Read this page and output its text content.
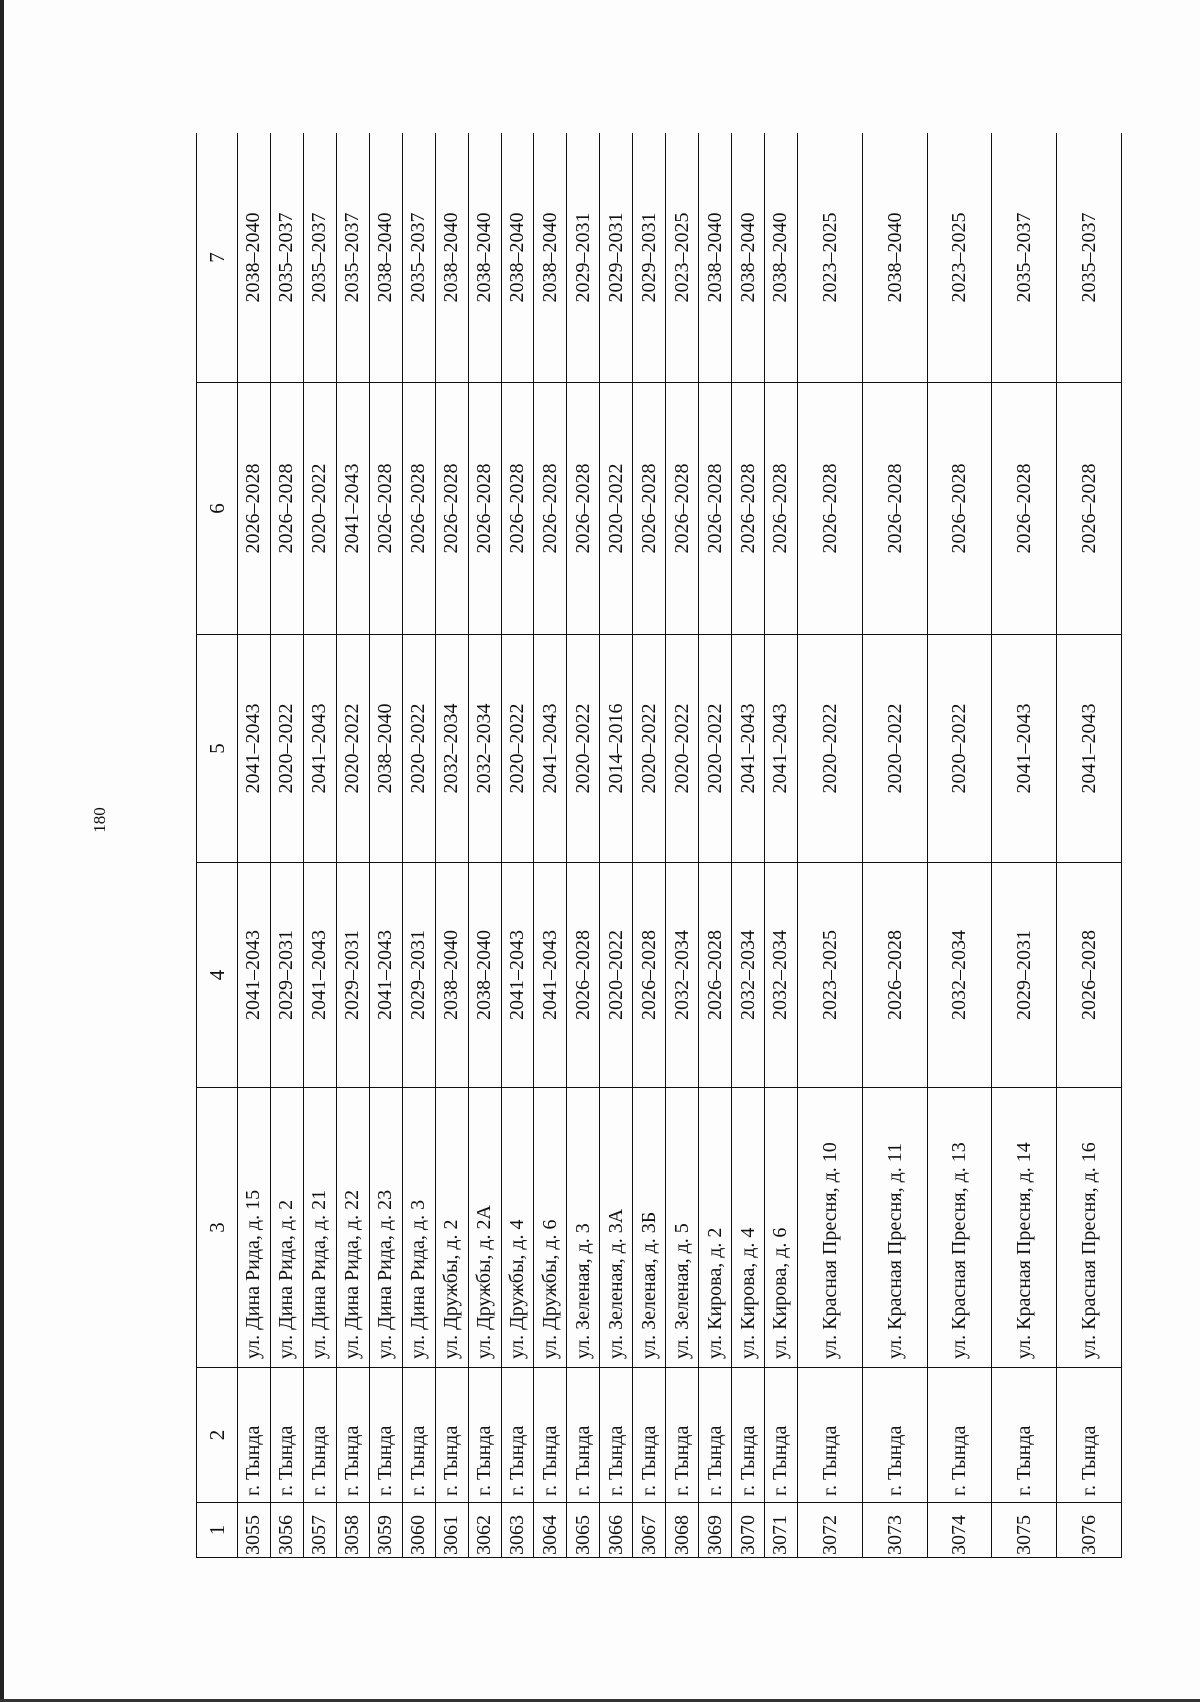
180
1	2	3	4	5	6	7
3055	г. Тында	ул. Дина Рида, д. 15	2041–2043	2041–2043	2026–2028	2038–2040
3056	г. Тында	ул. Дина Рида, д. 2	2029–2031	2020–2022	2026–2028	2035–2037
3057	г. Тында	ул. Дина Рида, д. 21	2041–2043	2041–2043	2020–2022	2035–2037
3058	г. Тында	ул. Дина Рида, д. 22	2029–2031	2020–2022	2041–2043	2035–2037
3059	г. Тында	ул. Дина Рида, д. 23	2041–2043	2038–2040	2026–2028	2038–2040
3060	г. Тында	ул. Дина Рида, д. 3	2029–2031	2020–2022	2026–2028	2035–2037
3061	г. Тында	ул. Дружбы, д. 2	2038–2040	2032–2034	2026–2028	2038–2040
3062	г. Тында	ул. Дружбы, д. 2А	2038–2040	2032–2034	2026–2028	2038–2040
3063	г. Тында	ул. Дружбы, д. 4	2041–2043	2020–2022	2026–2028	2038–2040
3064	г. Тында	ул. Дружбы, д. 6	2041–2043	2041–2043	2026–2028	2038–2040
3065	г. Тында	ул. Зеленая, д. 3	2026–2028	2020–2022	2026–2028	2029–2031
3066	г. Тында	ул. Зеленая, д. 3А	2020–2022	2014–2016	2020–2022	2029–2031
3067	г. Тында	ул. Зеленая, д. 3Б	2026–2028	2020–2022	2026–2028	2029–2031
3068	г. Тында	ул. Зеленая, д. 5	2032–2034	2020–2022	2026–2028	2023–2025
3069	г. Тында	ул. Кирова, д. 2	2026–2028	2020–2022	2026–2028	2038–2040
3070	г. Тында	ул. Кирова, д. 4	2032–2034	2041–2043	2026–2028	2038–2040
3071	г. Тында	ул. Кирова, д. 6	2032–2034	2041–2043	2026–2028	2038–2040
3072	г. Тында	ул. Красная Пресня, д. 10	2023–2025	2020–2022	2026–2028	2023–2025
3073	г. Тында	ул. Красная Пресня, д. 11	2026–2028	2020–2022	2026–2028	2038–2040
3074	г. Тында	ул. Красная Пресня, д. 13	2032–2034	2020–2022	2026–2028	2023–2025
3075	г. Тында	ул. Красная Пресня, д. 14	2029–2031	2041–2043	2026–2028	2035–2037
3076	г. Тында	ул. Красная Пресня, д. 16	2026–2028	2041–2043	2026–2028	2035–2037
